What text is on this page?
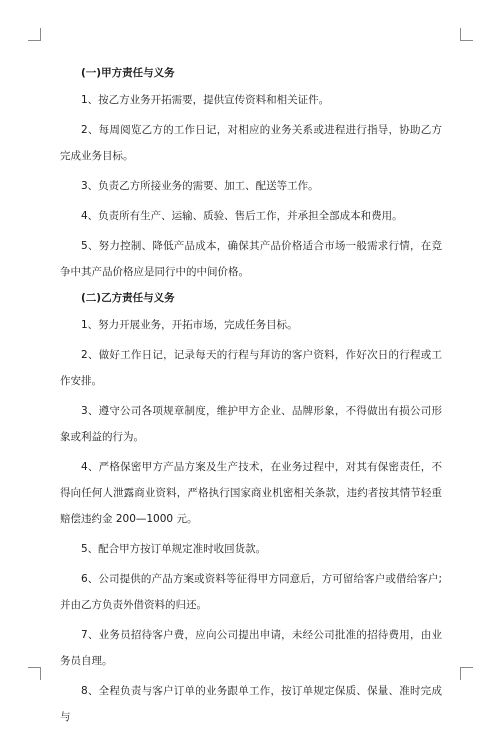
(一)甲方责任与义务

1、按乙方业务开拓需要，提供宣传资料和相关证件。

2、每周阅览乙方的工作日记，对相应的业务关系或进程进行指导，协助乙方完成业务目标。

3、负责乙方所接业务的需要、加工、配送等工作。

4、负责所有生产、运输、质验、售后工作，并承担全部成本和费用。

5、努力控制、降低产品成本，确保其产品价格适合市场一般需求行情，在竞争中其产品价格应是同行中的中间价格。

(二)乙方责任与义务

1、努力开展业务，开拓市场，完成任务目标。

2、做好工作日记，记录每天的行程与拜访的客户资料，作好次日的行程或工作安排。

3、遵守公司各项规章制度，维护甲方企业、品牌形象，不得做出有损公司形象或利益的行为。

4、严格保密甲方产品方案及生产技术，在业务过程中，对其有保密责任，不得向任何人泄露商业资料，严格执行国家商业机密相关条款，违约者按其情节轻重赔偿违约金 200—1000 元。

5、配合甲方按订单规定准时收回货款。

6、公司提供的产品方案或资料等征得甲方同意后，方可留给客户或借给客户;并由乙方负责外借资料的归还。

7、业务员招待客户费，应向公司提出申请，未经公司批准的招待费用，由业务员自理。

8、全程负责与客户订单的业务跟单工作，按订单规定保质、保量、准时完成与
